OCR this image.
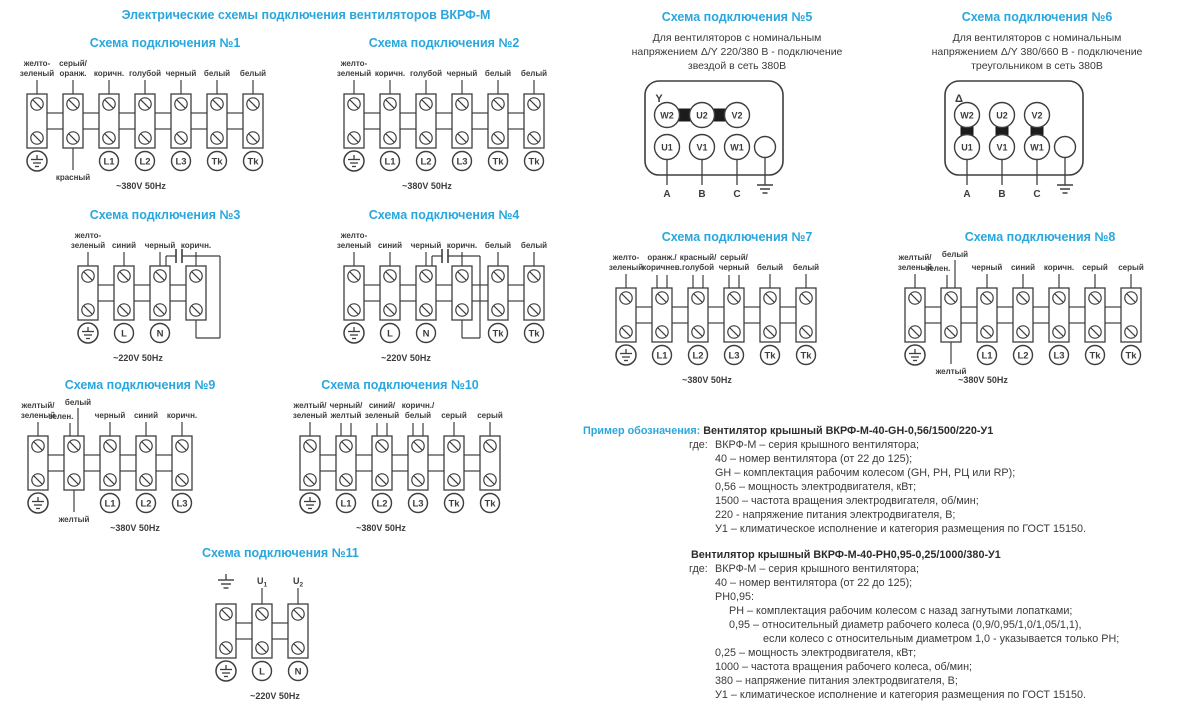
Электрические схемы подключения вентиляторов ВКРФ-М
Схема подключения №1
желто-
зеленый
серый/
оранж.
красный
коричн.
L1
голубой
L2
черный
L3
белый
Tk
белый
Tk
~380V 50Hz
Схема подключения №2
желто-
зеленый коричн.
L1
голубой
L2
черный
L3
белый
Tk
белый
Tk
~380V 50Hz
Схема подключения №3
желто-
зеленый синий
L
черный
N
коричн.
~220V 50Hz
Схема подключения №4
желто-
зеленый синий
L
черный
N
коричн. белый
Tk
белый
Tk
~220V 50Hz
Схема подключения №7
желто-
зеленый
оранж./
коричнев.
L1
красный/
голубой
L2
серый/
черный
L3
белый
Tk
белый
Tk
~380V 50Hz
Схема подключения №8
желтый/
зеленый
белый
зелен.
желтый
черный
L1
синий
L2
коричн.
L3
серый
Tk
серый
Tk
~380V 50Hz
Схема подключения №9
желтый/
зеленый
белый
зелен.
желтый
черный
L1
синий
L2
коричн.
L3
~380V 50Hz
Схема подключения №10
желтый/
зеленый
черный/
желтый
L1
синий/
зеленый
L2
коричн./
белый
L3
серый
Tk
серый
Tk
~380V 50Hz
Схема подключения №11
$U_1$
L
$U_2$
N
~220V 50Hz
Схема подключения №5
Для вентиляторов с номинальным
напряжением Δ/Y 220/380 В - подключение
звездой в сеть 380В
W2
U1
U2
V1
V2
W1
Y
A	B	C
Схема подключения №6
Для вентиляторов с номинальным
напряжением Δ/Y 380/660 В - подключение
треугольником в сеть 380В
W2
U1
U2
V1
V2
W1
Δ
A	B	C
Пример обозначения: Вентилятор крышный ВКРФ-М-40-GH-0,56/1500/220-У1
где: ВКРФ-М – серия крышного вентилятора;
40 – номер вентилятора (от 22 до 125);
GH – комплектация рабочим колесом (GH, РН, РЦ или RP);
0,56 – мощность электродвигателя, кВт;
1500 – частота вращения электродвигателя, об/мин;
220 - напряжение питания электродвигателя, В;
У1 – климатическое исполнение и категория размещения по ГОСТ 15150.
Вентилятор крышный ВКРФ-М-40-РН0,95-0,25/1000/380-У1
где: ВКРФ-М – серия крышного вентилятора;
40 – номер вентилятора (от 22 до 125);
РН0,95:
РН – комплектация рабочим колесом с назад загнутыми лопатками;
0,95 – относительный диаметр рабочего колеса (0,9/0,95/1,0/1,05/1,1),
если колесо с относительным диаметром 1,0 - указывается только РН;
0,25 – мощность электродвигателя, кВт;
1000 – частота вращения рабочего колеса, об/мин;
380 – напряжение питания электродвигателя, В;
У1 – климатическое исполнение и категория размещения по ГОСТ 15150.
